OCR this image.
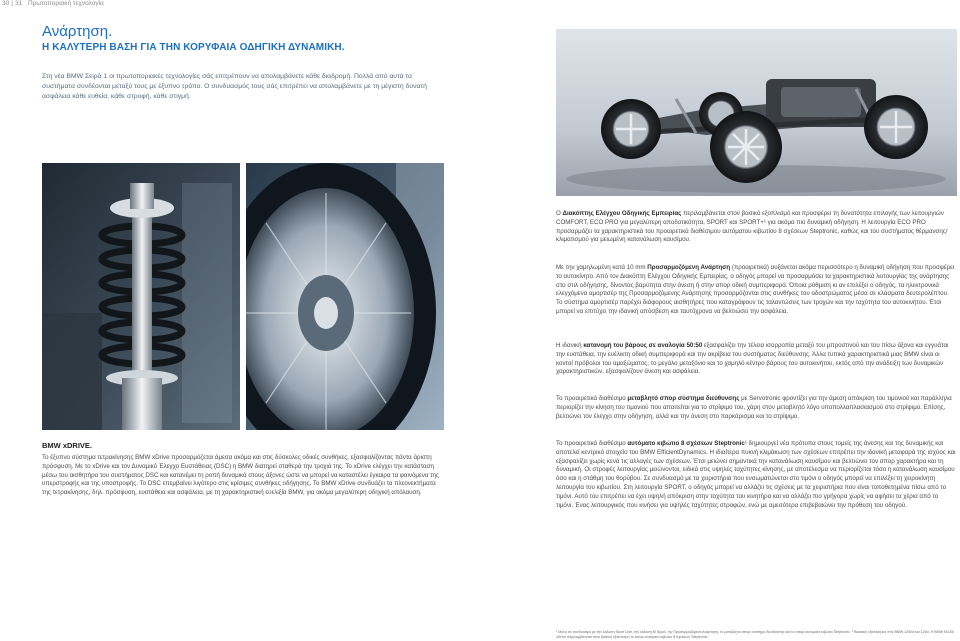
30 | 31 Πρωτοποριακή τεχνολογία
Ανάρτηση.
Η ΚΑΛΥΤΕΡΗ ΒΑΣΗ ΓΙΑ ΤΗΝ ΚΟΡΥΦΑΙΑ ΟΔΗΓΙΚΗ ΔΥΝΑΜΙΚΗ.

Στη νέα BMW Σειρά 1 οι πρωτοποριακές τεχνολογίες σάς επιτρέπουν να απολαμβάνετε κάθε διαδρομή. Πολλά από αυτά τα συστήματα συνδέονται μεταξύ τους με έξυπνο τρόπο. Ο συνδυασμός τους σάς επιτρέπει να απολαμβάνετε με τη μέγιστη δυνατή ασφάλεια κάθε ευθεία, κάθε στροφή, κάθε στιγμή.

BMW xDRIVE.

Το έξυπνο σύστημα τετρακίνησης BMW xDrive προσαρμόζεται άμεσα ακόμα και στις δύσκολες οδικές συνθήκες, εξασφαλίζοντας πάντα άριστη πρόσφυση. Με το xDrive και τον Δυναμικό Έλεγχο Ευστάθειας (DSC) η BMW διατηρεί σταθερά την τροχιά της. Το xDrive ελέγχει την κατάσταση μέσω του αισθητήρα του συστήματος DSC και κατανέμει τη ροπή δυναμικά στους άξονες ώστε να μπορεί να καταστέλει έγκαιρα τα φαινόμενα της υπερστροφής και της υποστροφής. Το DSC επεμβαίνει λιγότερο στις κρίσιμες συνθήκες οδήγησης. Το BMW xDrive συνδυάζει τα πλεονεκτήματα της τετρακίνησης, δηλ. πρόσφυση, ευστάθεια και ασφάλεια, με τη χαρακτηριστική ευελιξία BMW, για ακόμα μεγαλύτερη οδηγική απόλαυση.

Ο Διακόπτης Ελέγχου Οδηγικής Εμπειρίας περιλαμβάνεται στον βασικό εξοπλισμό και προσφέρει τη δυνατότητα επιλογής των λειτουργιών COMFORT, ECO PRO για μεγαλύτερη αποδοτικότητα, SPORT και SPORT+¹ για ακόμα πιο δυναμική οδήγηση. Η λειτουργία ECO PRO προσαρμόζει τα χαρακτηριστικά του προαιρετικά διαθέσιμου αυτόματου κιβωτίου 8 σχέσεων Steptronic, καθώς και του συστήματος θέρμανσης/κλιματισμού για μειωμένη κατανάλωση καυσίμου.

Με την χαμηλωμένη κατά 10 mm Προσαρμοζόμενη Ανάρτηση (προαιρετικά) αυξάνεται ακόμα περισσότερο η δυναμική οδήγηση που προσφέρει το αυτοκίνητο. Από τον Διακόπτη Ελέγχου Οδηγικής Εμπειρίας, ο οδηγός μπορεί να προσαρμόσει τα χαρακτηριστικά λειτουργίας της ανάρτησης στο στιλ οδήγησης, δίνοντας βαρύτητα στην άνεση ή στην απορ οδική συμπεριφορά. Όποια ρύθμιση κι αν επιλέξει ο οδηγός, τα ηλεκτρονικά ελεγχόμενα αμορτισέρ της Προσαρμοζόμενης Ανάρτησης προσαρμόζονται στις συνθήκες του οδοστρώματος μέσα σε κλάσματα δευτερολέπτου. Το σύστημα αμορτισέρ παρέχει διάφορους αισθητήρες που καταγράφουν τις ταλαντώσεις των τροχών και την ταχύτητα του αυτοκινήτου. Έτσι μπορεί να επιτύχει την ιδανική απόσβεση και ταυτόχρονα να βελτιώσει την ασφάλεια.

Η ιδανική κατανομή του βάρους σε αναλογία 50:50 εξασφαλίζει την τέλεια ισορροπία μεταξύ του μπροστινού και του πίσω άξονα και εγγυάται την ευστάθεια, την ευέλικτη οδική συμπεριφορά και την ακρίβεια του συστήματος διεύθυνσης. Άλλα τυπικά χαρακτηριστικά μιας BMW είναι οι κοντοί πρόβολοι του αμαξώματος, το μεγάλο μεταξόνιο και το χαμηλό κέντρο βάρους του αυτοκινήτου, εκτός από την ανάδειξη των δυναμικών χαρακτηριστικών, εξασφαλίζουν άνεση και ασφάλεια.

Το προαιρετικά διαθέσιμο μεταβλητό σπορ σύστημα διεύθυνσης με Servotronic φροντίζει για την άμεση απόκριση του τιμονιού και παράλληλα περιορίζει την κίνηση του τιμονιού που απαιτείται για το στρίψιμο του, χάρη στον μεταβλητό λόγο υποπολλαπλασιασμού στο στρίψιμο. Επίσης, βελτιώνει τον έλεγχο στην οδήγηση, αλλά και την άνεση στο παρκάρισμα και το στρίψιμο.

Το προαιρετικά διαθέσιμο αυτόματο κιβώτιο 8 σχέσεων Steptronic¹ δημιουργεί νέα πρότυπα στους τομείς της άνεσης και της δυναμικής και αποτελεί κεντρικό στοιχείο του BMW EfficientDynamics. Η ιδιαίτερα πυκνή κλιμάκωση των σχέσεων επιτρέπει την ιδανική μεταφορά της ισχύος και εξασφαλίζει χωρίς κενά τις αλλαγές των σχέσεων. Έτσι μειώνει σημαντικά την κατανάλωση καυσίμου και βελτιώνει τον σπορ χαρακτήρα και τη δυναμική. Οι στροφές λειτουργίας μειώνονται, ειδικά στις υψηλές ταχύτητες κίνησης, με αποτέλεσμα να περιορίζεται τόσο η κατανάλωση καυσίμου όσο και η στάθμη του θορύβου. Σε συνδυασμό με τα χειριστήρια που ενσωματώνεται στο τιμόνι ο οδηγός μπορεί να επιλέξει τη χειροκίνητη λειτουργία του κιβωτίου. Στη λειτουργία SPORT, ο οδηγός μπορεί να αλλάζει τις σχέσεις με τα χειριστήρια που είναι τοποθετημένα πίσω από το τιμόνι. Αυτό του επιτρέπει να έχει υψηλή απόκριση στην ταχύτητα του κινητήρα και να αλλάζει πιο γρήγορα χωρίς να αφήσει τα χέρια από το τιμόνι. Ένας λειτουργικός που κινήσει για υψηλές ταχύτητες στροφών, ενώ με αμεσότερα επιβεβαιώνει την πρόθεση του οδηγού.

¹ Μόνο σε συνδυασμό με την έκδοση Sport Line, την έκδοση M Sport, την Προσαρμοζόμενη Ανάρτηση, το μεταβλητό σπορ σύστημα διεύθυνσης και το σπορ αυτόματο κιβώτιο Steptronic. ² Βασικός εξοπλισμός στις BMW 125i/d και 125d. Η BMW M135i xDrive περιλαμβάνεται στον βασικό εξοπλισμό το σπορ αυτόματο κιβώτιο 8 σχέσεων Steptronic.
